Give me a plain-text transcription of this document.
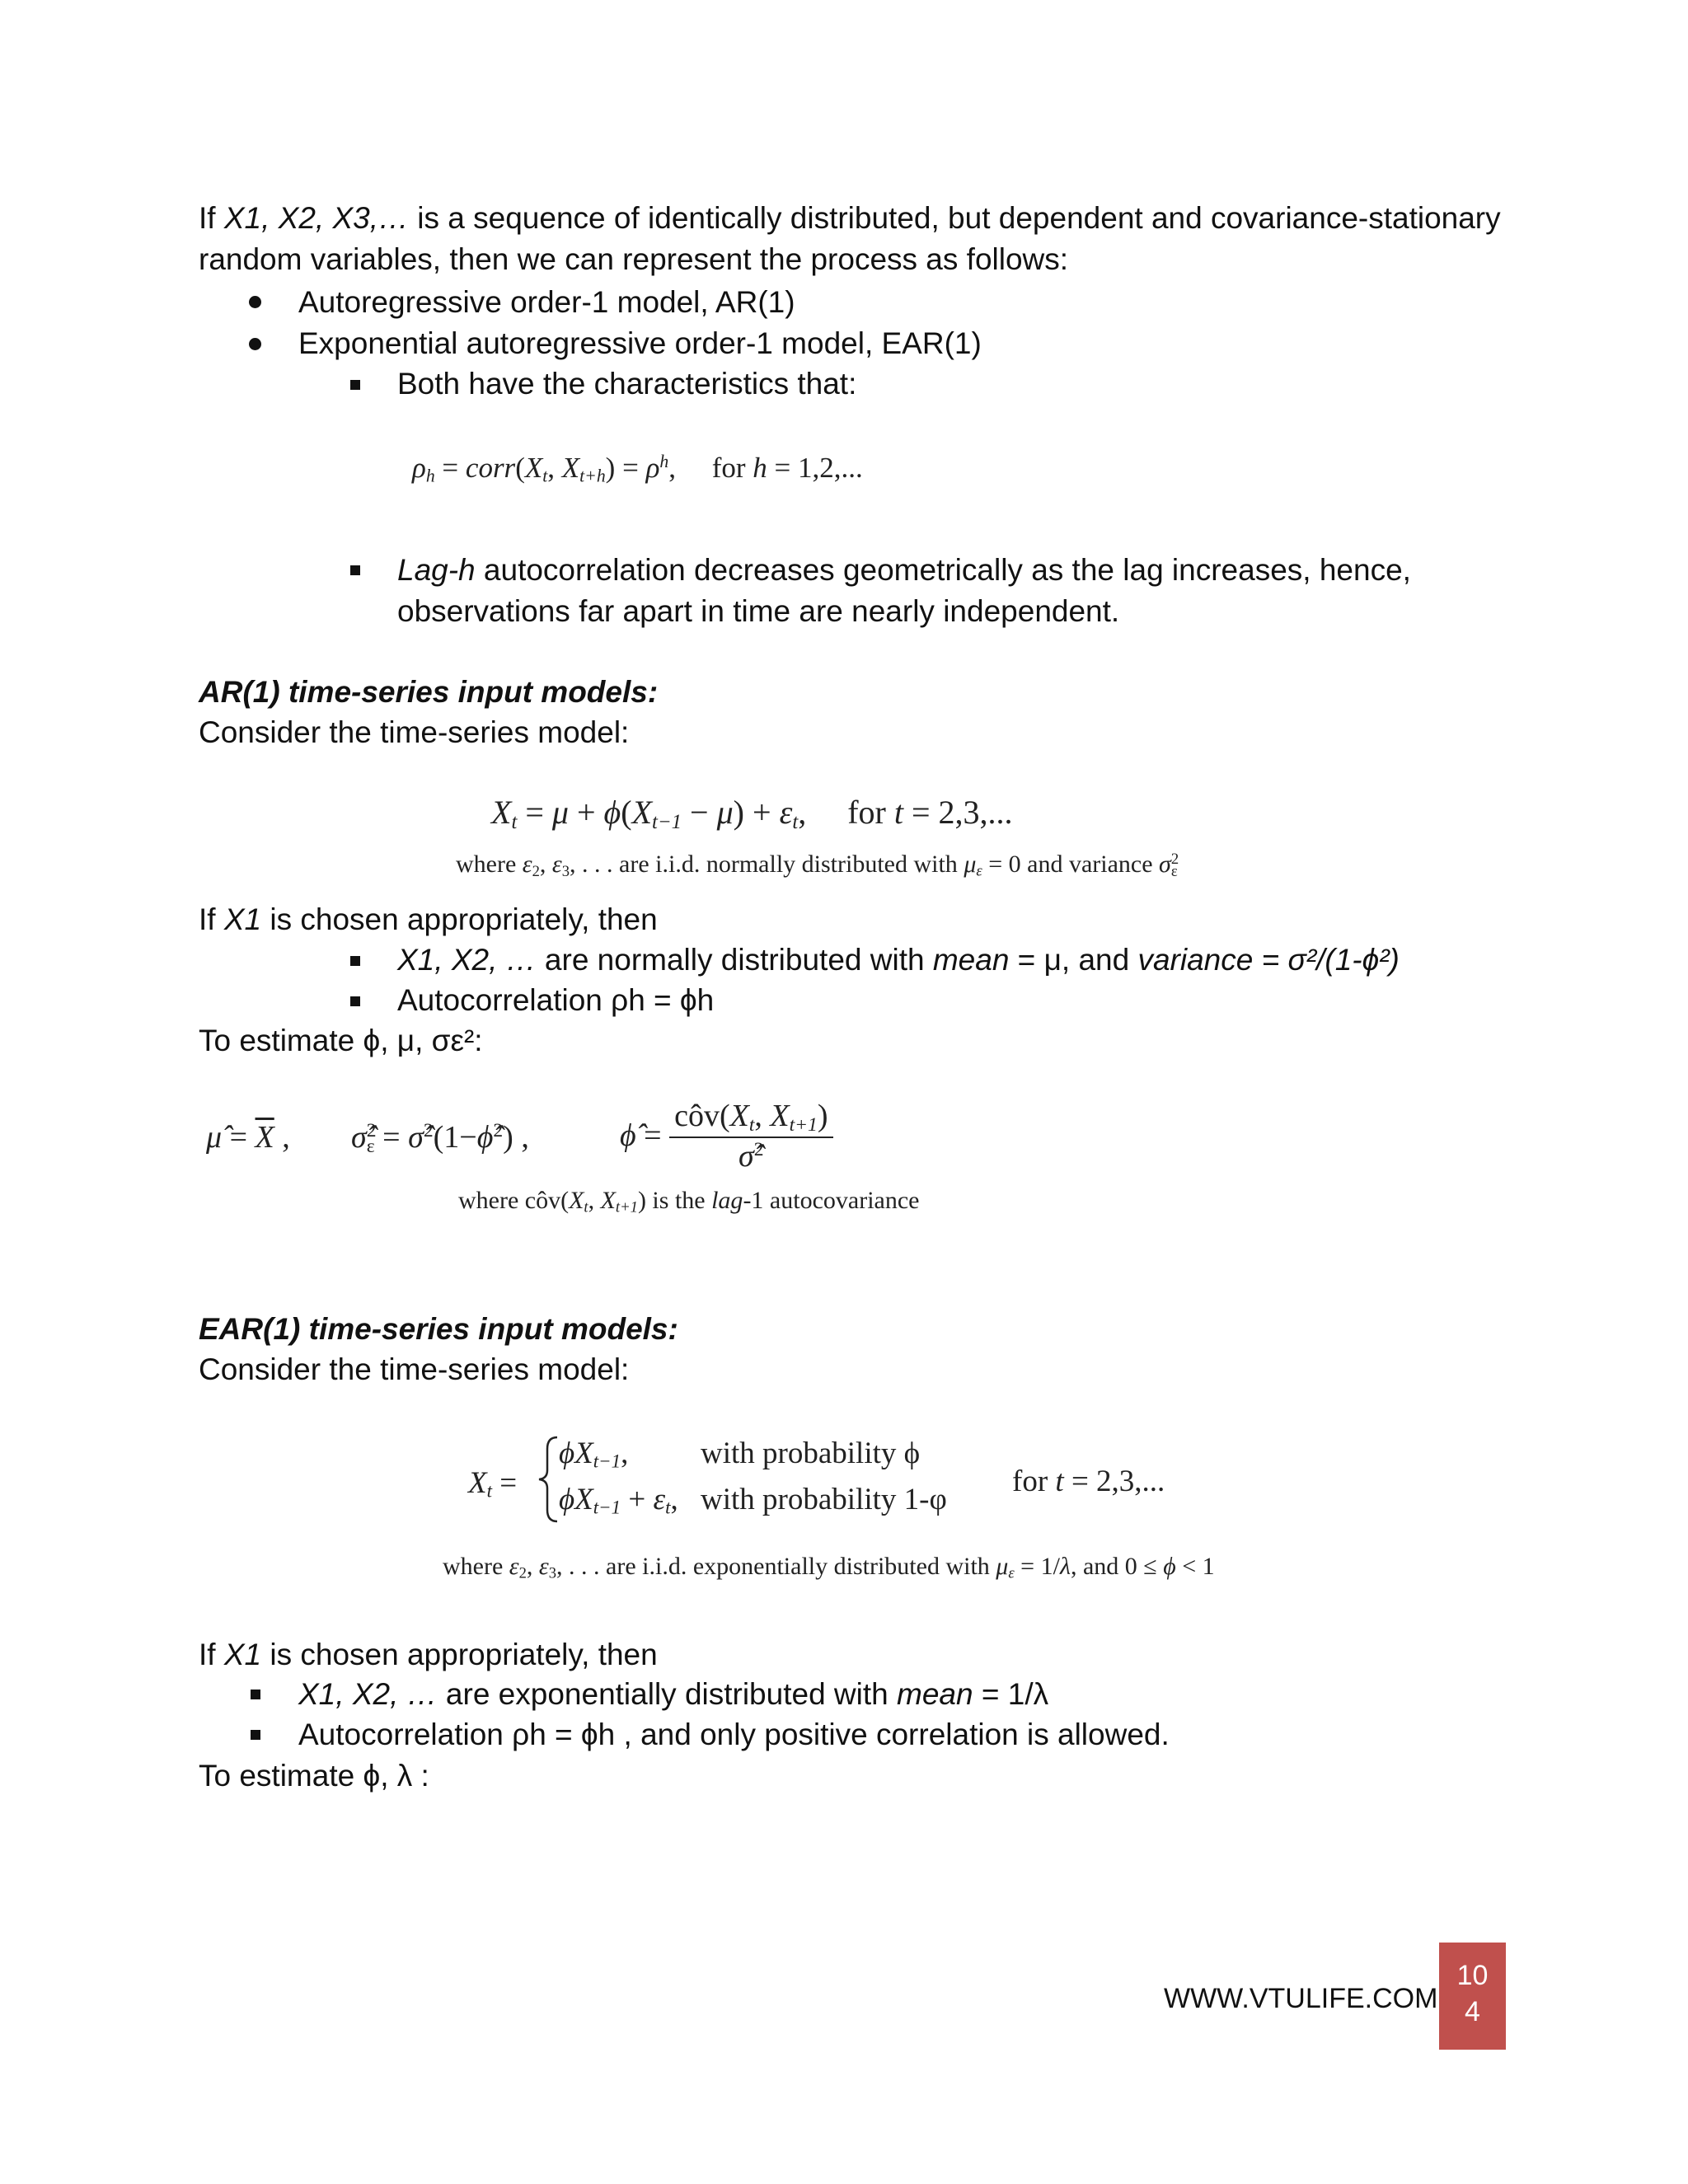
If X1, X2, X3,… is a sequence of identically distributed, but dependent and covariance-stationary
random variables, then we can represent the process as follows:
Autoregressive order-1 model, AR(1)
Exponential autoregressive order-1 model, EAR(1)
Both have the characteristics that:
$\rho_h$ = $corr(X_t$, $X_{t+h}) = \rho^h$,     for h = 1,2,...
Lag-h autocorrelation decreases geometrically as the lag increases, hence,
observations far apart in time are nearly independent.
AR(1) time-series input models:
Consider the time-series model:
$X_t = \mu + \phi(X_{t-1} - \mu) + \varepsilon_t$,     for t = 2,3,...
where $\varepsilon_2$, $\varepsilon_3$, . . . are i.i.d. normally distributed with $\mu_\varepsilon = 0$ and variance $\sigma^2_\varepsilon$
If X1 is chosen appropriately, then
X1, X2, … are normally distributed with mean = μ, and variance = σ²/(1-ϕ²)
Autocorrelation ρh = ϕh
To estimate ϕ, μ, σε²:
μ̂ = $\overline{X}$ , σ̂$^2_\varepsilon$ = σ̂$^2$(1−ϕ̂$^2$) ,	ϕ̂ =
$côv(X_t$, $X_{t+1}$)
σ̂$^2$
where $côv(X_t$, $X_{t+1}$) is the lag-1 autocovariance
EAR(1) time-series input models:
Consider the time-series model:
$X_t$ =
$\phi X_{t-1}$,
$\phi X_{t-1} + \varepsilon_t$,
with probability ϕ
with probability 1-φ
for t = 2,3,...
where $\varepsilon_2$, $\varepsilon_3$, . . . are i.i.d. exponentially distributed with $\mu_\varepsilon = 1/\lambda$, and 0 ≤ ϕ < 1
If X1 is chosen appropriately, then
X1, X2, … are exponentially distributed with mean = 1/λ
Autocorrelation ρh = ϕh , and only positive correlation is allowed.
To estimate ϕ, λ :
WWW.VTULIFE.COM
10
4
